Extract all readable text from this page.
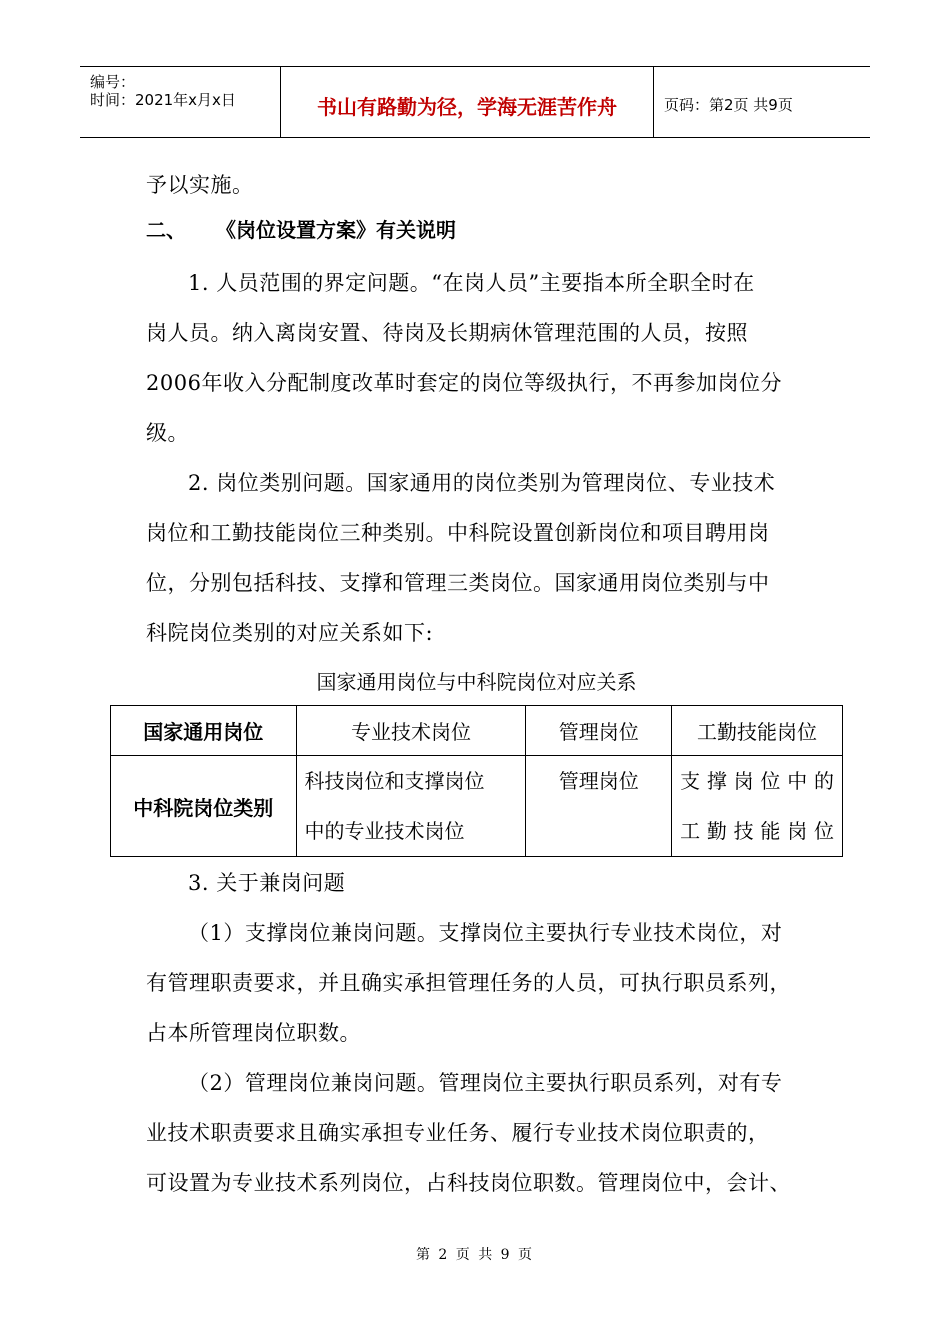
编号：
时间：2021年x月x日	书山有路勤为径，学海无涯苦作舟	页码：第2页 共9页
予以实施。
二、 《岗位设置方案》有关说明
1. 人员范围的界定问题。“在岗人员”主要指本所全职全时在
岗人员。纳入离岗安置、待岗及长期病休管理范围的人员，按照
2006年收入分配制度改革时套定的岗位等级执行，不再参加岗位分
级。
2. 岗位类别问题。国家通用的岗位类别为管理岗位、专业技术
岗位和工勤技能岗位三种类别。中科院设置创新岗位和项目聘用岗
位，分别包括科技、支撑和管理三类岗位。国家通用岗位类别与中
科院岗位类别的对应关系如下:
国家通用岗位与中科院岗位对应关系
国家通用岗位	专业技术岗位	管理岗位	工勤技能岗位
中科院岗位类别	科技岗位和支撑岗位
中的专业技术岗位	管理岗位	支撑岗位中的
工勤技能岗位
3. 关于兼岗问题
（1）支撑岗位兼岗问题。支撑岗位主要执行专业技术岗位，对
有管理职责要求，并且确实承担管理任务的人员，可执行职员系列，
占本所管理岗位职数。
（2）管理岗位兼岗问题。管理岗位主要执行职员系列，对有专
业技术职责要求且确实承担专业任务、履行专业技术岗位职责的，
可设置为专业技术系列岗位，占科技岗位职数。管理岗位中，会计、
第 2 页 共 9 页
